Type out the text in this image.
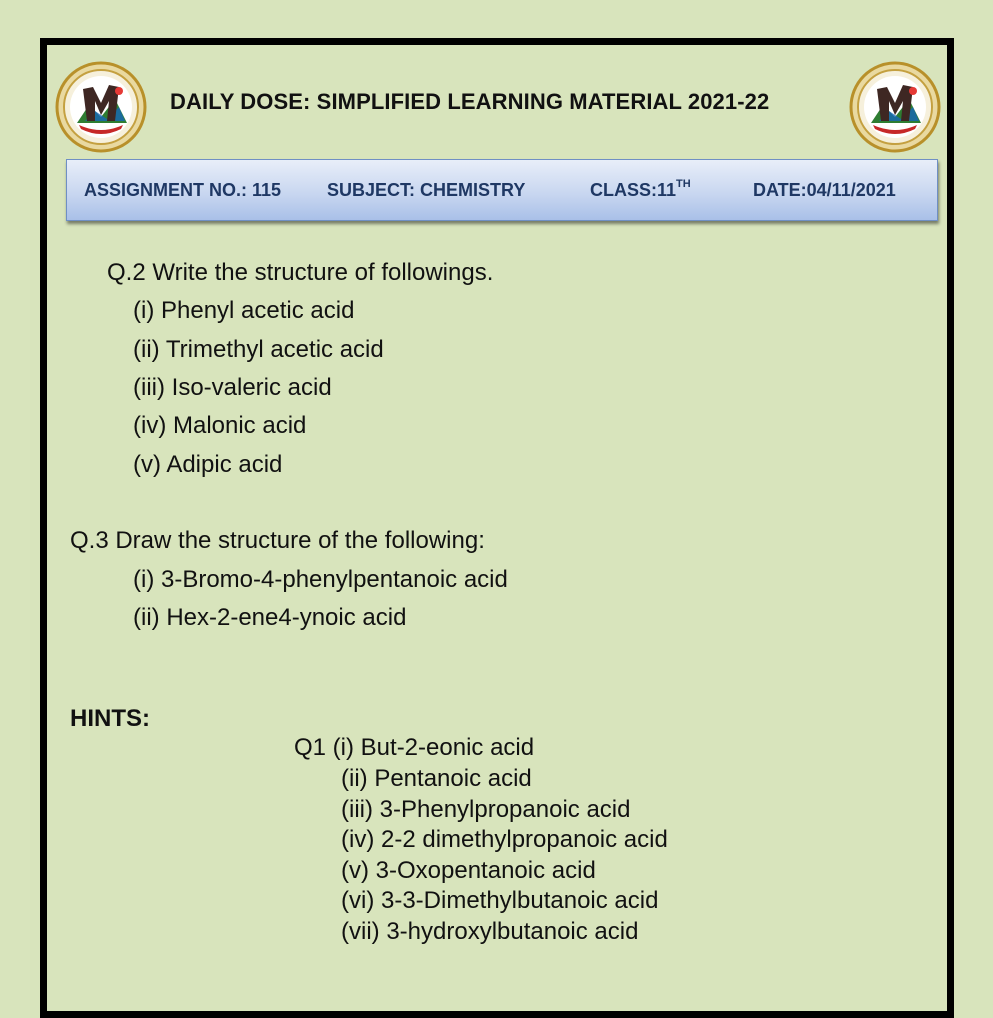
DAILY DOSE: SIMPLIFIED LEARNING MATERIAL 2021-22
ASSIGNMENT NO.: 115	SUBJECT: CHEMISTRY	CLASS:11TH	DATE:04/11/2021
Q.2 Write the structure of followings.
(i) Phenyl acetic acid
(ii) Trimethyl acetic acid
(iii) Iso-valeric acid
(iv) Malonic acid
(v) Adipic acid
Q.3 Draw the structure of the following:
(i) 3-Bromo-4-phenylpentanoic acid
(ii) Hex-2-ene4-ynoic acid
HINTS:
Q1 (i) But-2-eonic acid
(ii) Pentanoic acid
(iii) 3-Phenylpropanoic acid
(iv) 2-2 dimethylpropanoic acid
(v) 3-Oxopentanoic acid
(vi) 3-3-Dimethylbutanoic acid
(vii) 3-hydroxylbutanoic acid
